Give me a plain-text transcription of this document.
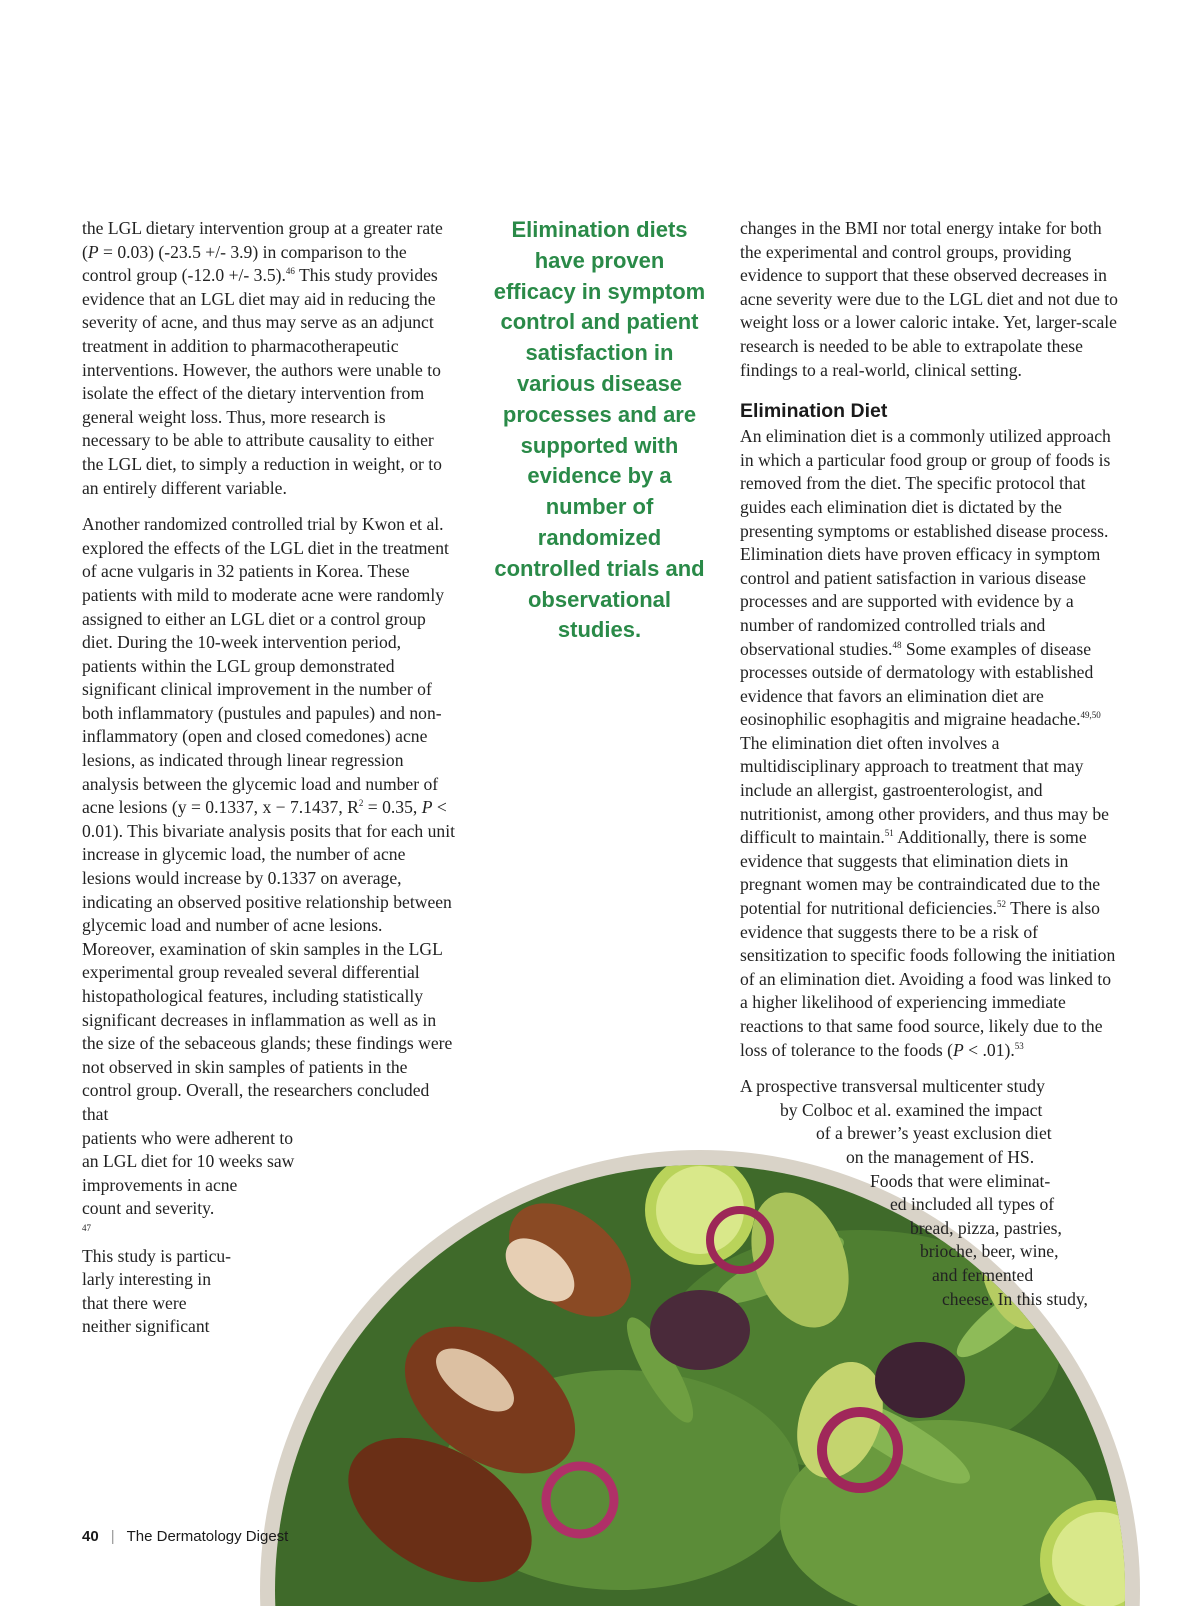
Elimination diets have proven efficacy in symptom control and patient satisfaction in various disease processes and are supported with evidence by a number of randomized controlled trials and observational studies.

the LGL dietary intervention group at a greater rate (P = 0.03) (-23.5 +/- 3.9) in comparison to the control group (-12.0 +/- 3.5).$^{46}$ This study provides evidence that an LGL diet may aid in reducing the severity of acne, and thus may serve as an adjunct treatment in addition to pharmacotherapeutic interventions. However, the authors were unable to isolate the effect of the dietary intervention from general weight loss. Thus, more research is necessary to be able to attribute causality to either the LGL diet, to simply a reduction in weight, or to an entirely different variable.

Another randomized controlled trial by Kwon et al. explored the effects of the LGL diet in the treatment of acne vulgaris in 32 patients in Korea. These patients with mild to moderate acne were randomly assigned to either an LGL diet or a control group diet. During the 10-week intervention period, patients within the LGL group demonstrated significant clinical improvement in the number of both inflammatory (pustules and papules) and non-inflammatory (open and closed comedones) acne lesions, as indicated through linear regression analysis between the glycemic load and number of acne lesions (y = 0.1337, x − 7.1437, $R^2 = 0.35$, P < 0.01). This bivariate analysis posits that for each unit increase in glycemic load, the number of acne lesions would increase by 0.1337 on average, indicating an observed positive relationship between glycemic load and number of acne lesions. Moreover, examination of skin samples in the LGL experimental group revealed several differential histopathological features, including statistically significant decreases in inflammation as well as in the size of the sebaceous glands; these findings were not observed in skin samples of patients in the control group. Overall, the researchers concluded that

patients who were adherent to
an LGL diet for 10 weeks saw
improvements in acne
count and severity.
$^{47}$
This study is particu-
larly interesting in
that there were
neither significant

changes in the BMI nor total energy intake for both the experimental and control groups, providing evidence to support that these observed decreases in acne severity were due to the LGL diet and not due to weight loss or a lower caloric intake. Yet, larger-scale research is needed to be able to extrapolate these findings to a real-world, clinical setting.

Elimination Diet

An elimination diet is a commonly utilized approach in which a particular food group or group of foods is removed from the diet. The specific protocol that guides each elimination diet is dictated by the presenting symptoms or established disease process. Elimination diets have proven efficacy in symptom control and patient satisfaction in various disease processes and are supported with evidence by a number of randomized controlled trials and observational studies.$^{48}$ Some examples of disease processes outside of dermatology with established evidence that favors an elimination diet are eosinophilic esophagitis and migraine headache.$^{49,50}$ The elimination diet often involves a multidisciplinary approach to treatment that may include an allergist, gastroenterologist, and nutritionist, among other providers, and thus may be difficult to maintain.$^{51}$ Additionally, there is some evidence that suggests that elimination diets in pregnant women may be contraindicated due to the potential for nutritional deficiencies.$^{52}$ There is also evidence that suggests there to be a risk of sensitization to specific foods following the initiation of an elimination diet. Avoiding a food was linked to a higher likelihood of experiencing immediate reactions to that same food source, likely due to the loss of tolerance to the foods (P < .01).$^{53}$

A prospective transversal multicenter study
by Colboc et al. examined the impact
of a brewer’s yeast exclusion diet
on the management of HS.
Foods that were eliminat-
ed included all types of
bread, pizza, pastries,
brioche, beer, wine,
and fermented
cheese. In this study,
40 | The Dermatology Digest
